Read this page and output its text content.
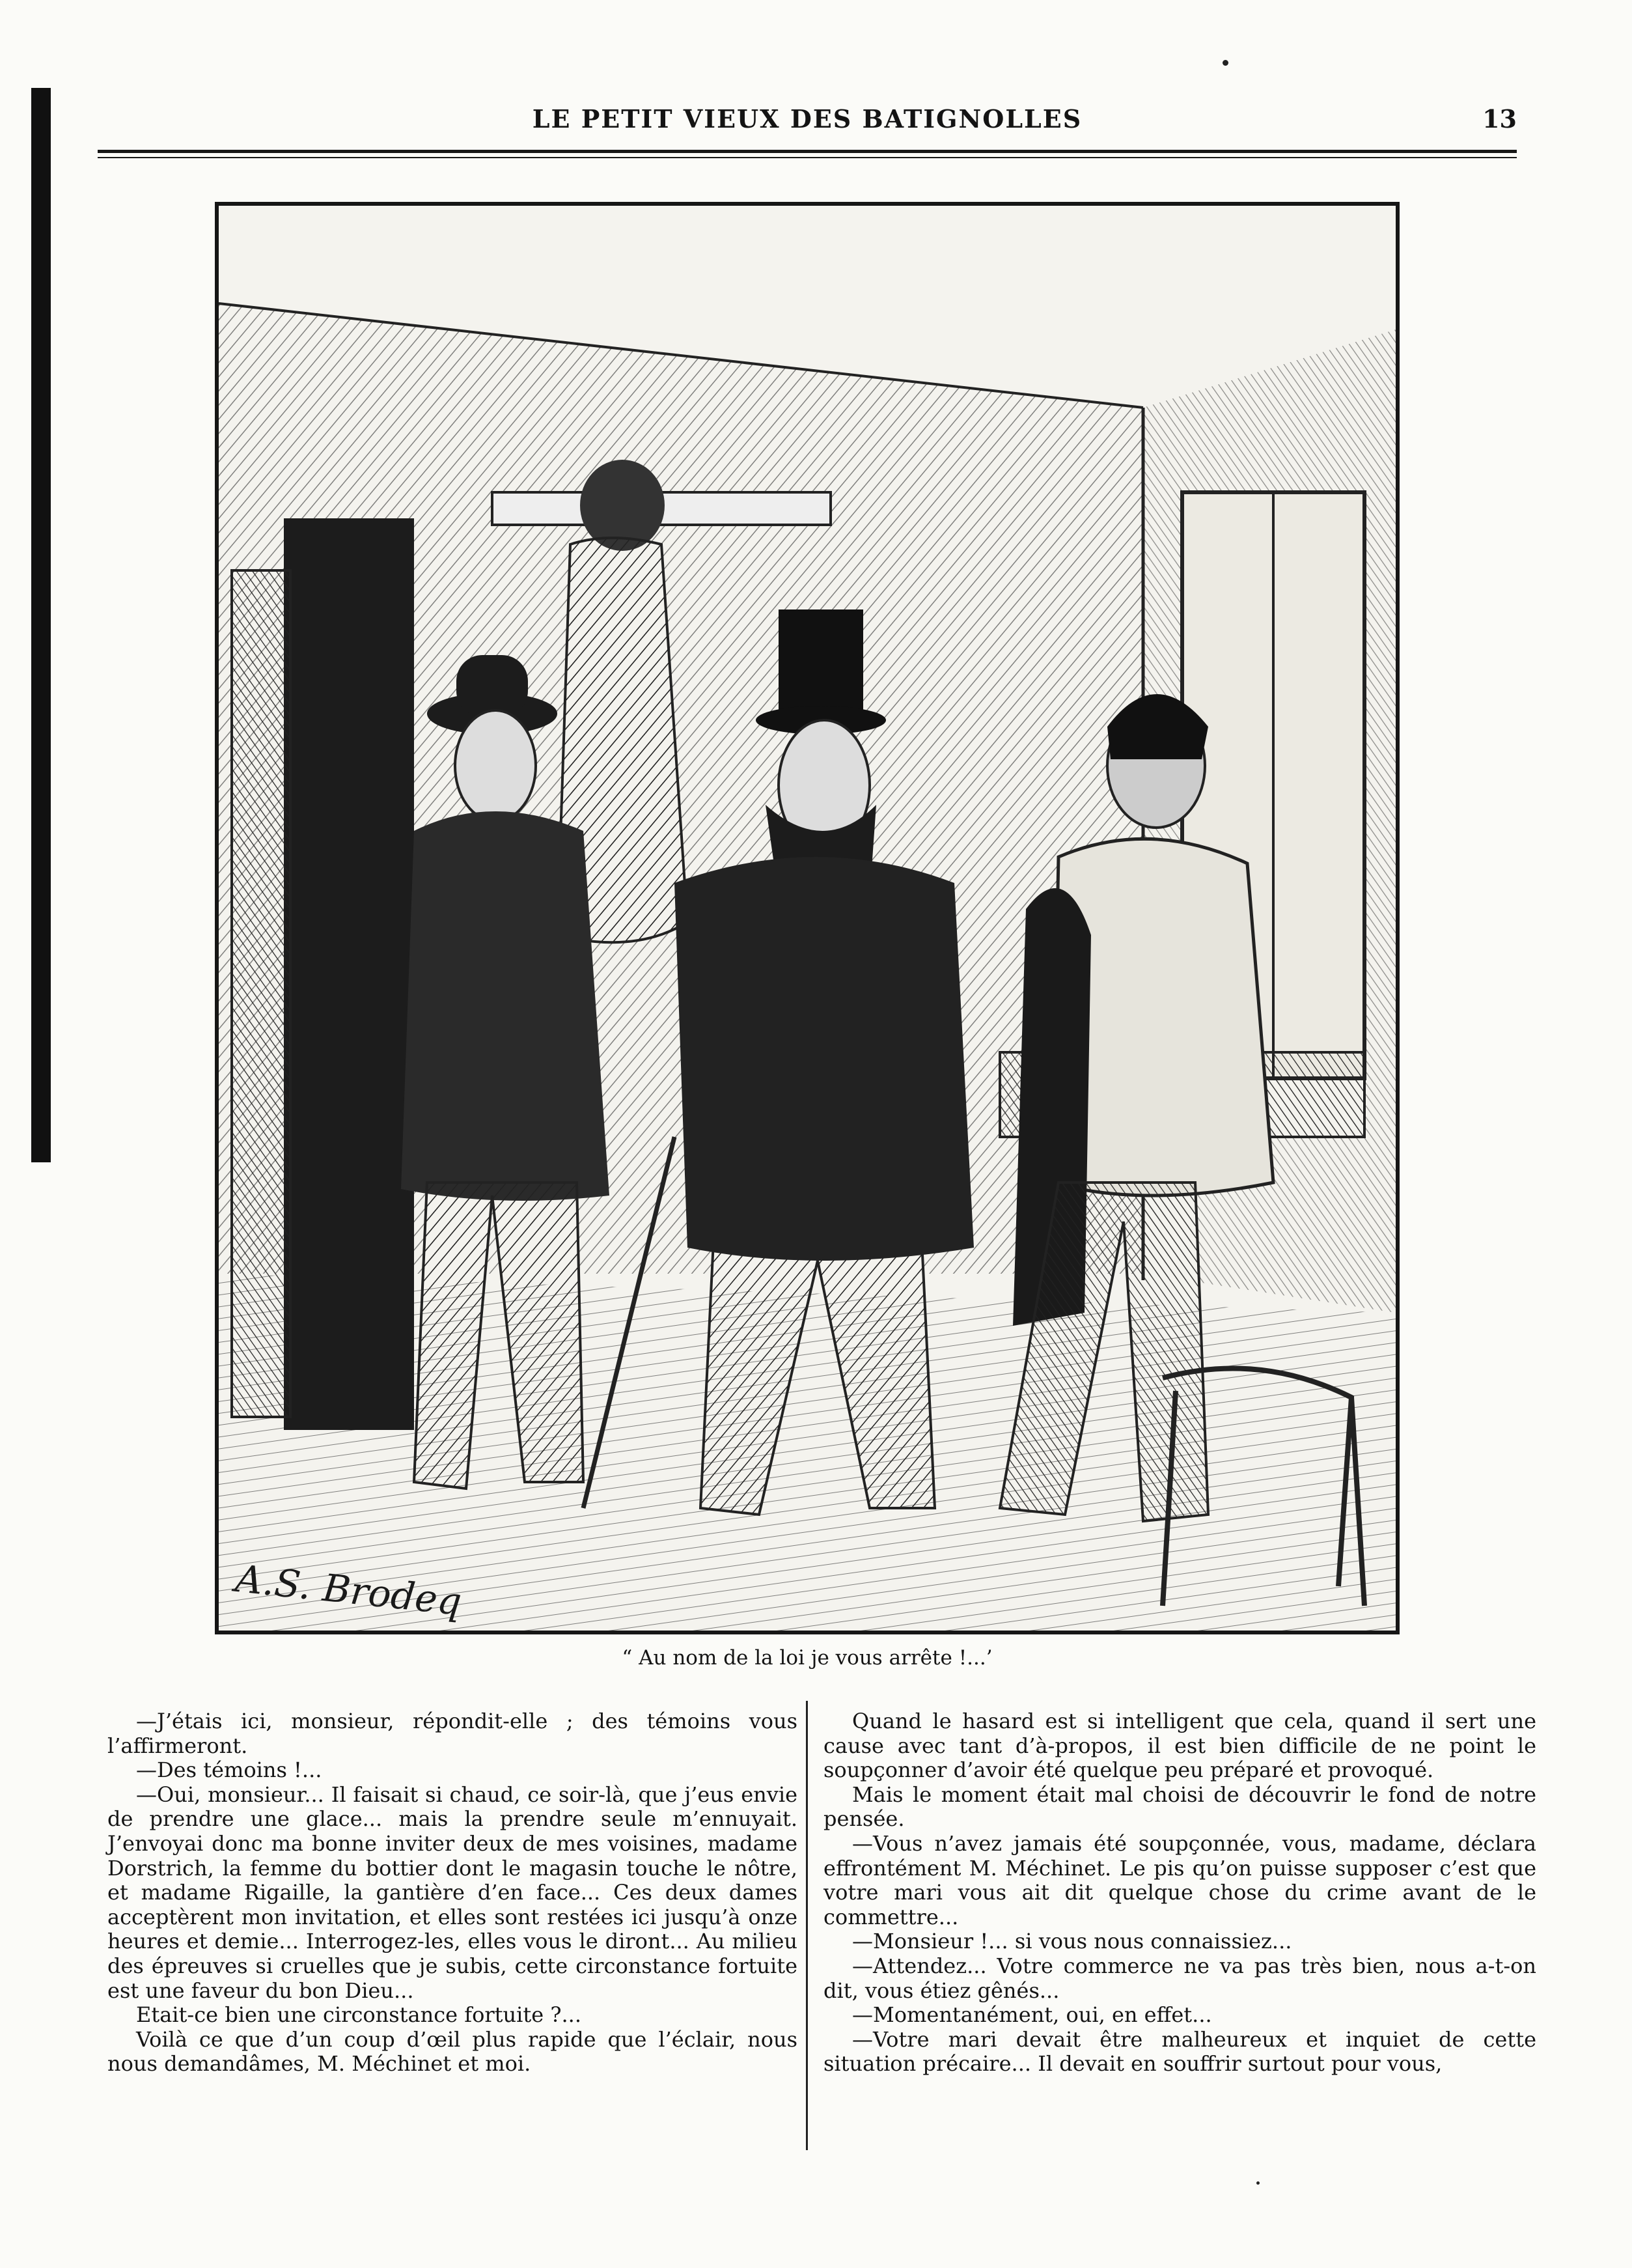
LE PETIT VIEUX DES BATIGNOLLES	13
A.S. Brodeq
“ Au nom de la loi je vous arrête !...’

—J’étais ici, monsieur, répondit-elle ; des témoins vous l’affirmeront.

—Des témoins !...

—Oui, monsieur... Il faisait si chaud, ce soir-là, que j’eus envie de prendre une glace... mais la prendre seule m’ennuyait. J’envoyai donc ma bonne inviter deux de mes voisines, madame Dorstrich, la femme du bottier dont le magasin touche le nôtre, et madame Rigaille, la gantière d’en face... Ces deux dames acceptèrent mon invitation, et elles sont restées ici jusqu’à onze heures et demie... Interrogez-les, elles vous le diront... Au milieu des épreuves si cruelles que je subis, cette circonstance fortuite est une faveur du bon Dieu...

Etait-ce bien une circonstance fortuite ?...

Voilà ce que d’un coup d’œil plus rapide que l’éclair, nous nous demandâmes, M. Méchinet et moi.

Quand le hasard est si intelligent que cela, quand il sert une cause avec tant d’à-propos, il est bien difficile de ne point le soupçonner d’avoir été quelque peu préparé et provoqué.

Mais le moment était mal choisi de découvrir le fond de notre pensée.

—Vous n’avez jamais été soupçonnée, vous, madame, déclara effrontément M. Méchinet. Le pis qu’on puisse supposer c’est que votre mari vous ait dit quelque chose du crime avant de le commettre...

—Monsieur !... si vous nous connaissiez...

—Attendez... Votre commerce ne va pas très bien, nous a-t-on dit, vous étiez gênés...

—Momentanément, oui, en effet...

—Votre mari devait être malheureux et inquiet de cette situation précaire... Il devait en souffrir surtout pour vous,
